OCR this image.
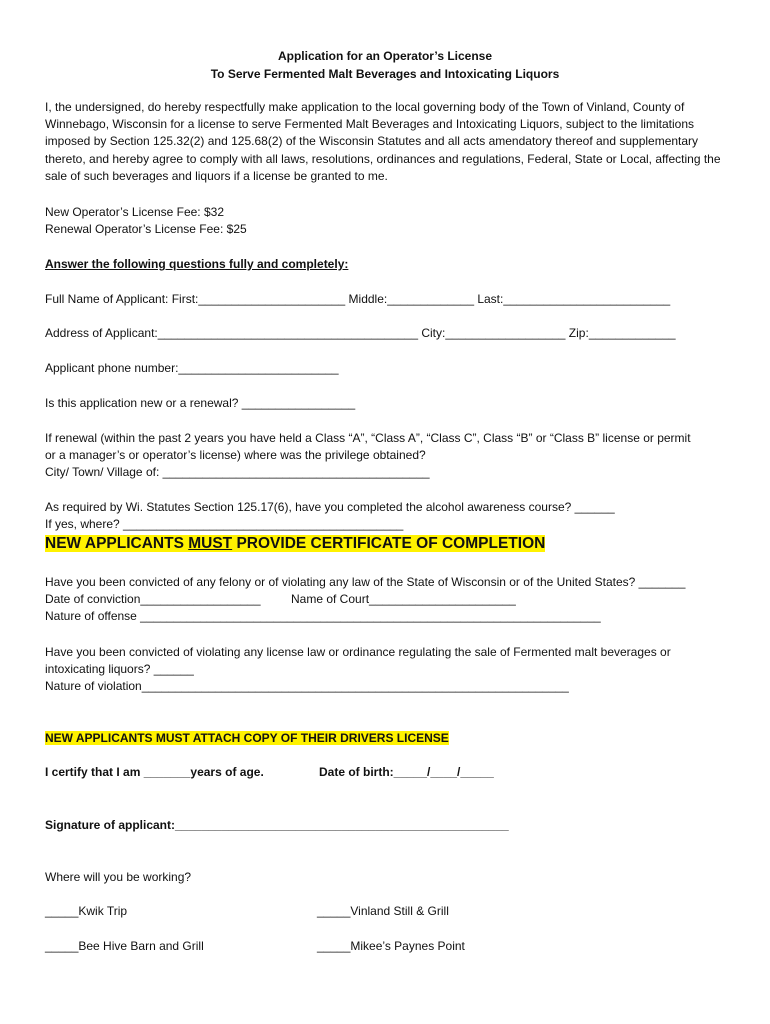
Application for an Operator’s License
To Serve Fermented Malt Beverages and Intoxicating Liquors
I, the undersigned, do hereby respectfully make application to the local governing body of the Town of Vinland, County of Winnebago, Wisconsin for a license to serve Fermented Malt Beverages and Intoxicating Liquors, subject to the limitations imposed by Section 125.32(2) and 125.68(2) of the Wisconsin Statutes and all acts amendatory thereof and supplementary thereto, and hereby agree to comply with all laws, resolutions, ordinances and regulations, Federal, State or Local, affecting the sale of such beverages and liquors if a license be granted to me.
New Operator’s License Fee: $32
Renewal Operator’s License Fee: $25
Answer the following questions fully and completely:
Full Name of Applicant: First:______________________ Middle:_____________ Last:_________________________
Address of Applicant:_______________________________________ City:__________________ Zip:_____________
Applicant phone number:________________________
Is this application new or a renewal? _________________
If renewal (within the past 2 years you have held a Class “A”, “Class A”, “Class C”, Class “B” or “Class B” license or permit
or a manager’s or operator’s license) where was the privilege obtained?
City/ Town/ Village of: ________________________________________
As required by Wi. Statutes Section 125.17(6), have you completed the alcohol awareness course? ______
If yes, where? __________________________________________
NEW APPLICANTS MUST PROVIDE CERTIFICATE OF COMPLETION
Have you been convicted of any felony or of violating any law of the State of Wisconsin or of the United States? _______
Date of conviction__________________	Name of Court______________________
Nature of offense _____________________________________________________________________
Have you been convicted of violating any license law or ordinance regulating the sale of Fermented malt beverages or
intoxicating liquors? ______
Nature of violation________________________________________________________________
NEW APPLICANTS MUST ATTACH COPY OF THEIR DRIVERS LICENSE
I certify that I am _______years of age.	Date of birth:_____/____/_____
Signature of applicant:__________________________________________________
Where will you be working?
_____Kwik Trip	_____Vinland Still & Grill
_____Bee Hive Barn and Grill	_____Mikee’s Paynes Point
